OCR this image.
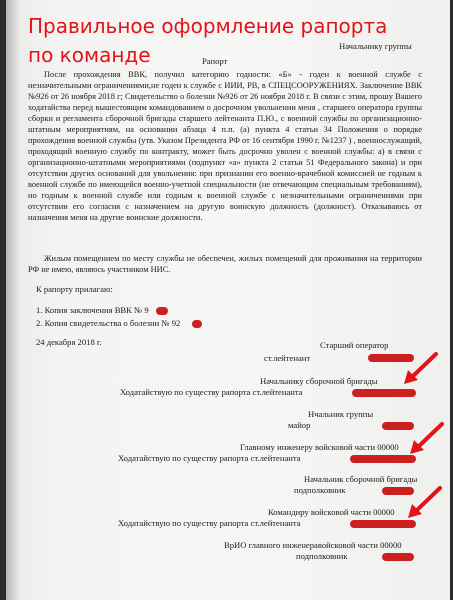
Правильное оформление рапорта
по команде	Начальнику группы
Рапорт
После прохождения ВВК, получил категорию годности: «Б» - годен к военной службе с незначительными ограничениями,не годен к службе с ИИИ, РВ, в СПЕЦСООРУЖЕНИЯХ. Заключение ВВК №926 от 26 ноября 2018 г; Свидетельство о болезни №926 от 26 ноября 2018 г. В связи с этим, прошу Вашего ходатайства перед вышестоящим командованием о досрочном увольнении меня , старшего оператора группы сборки и регламента сборочной бригады старшего лейтенанта П.Ю., с военной службы по организационно-штатным мероприятиям, на основании абзаца 4 п.п. (а) пункта 4 статьи 34 Положения о порядке прохождения военной службы (утв. Указом Президента РФ от 16 сентября 1990 г. №1237 ) , военнослужащий, проходящий военную службу по контракту, может быть досрочно уволен с военной службы: а) в связи с организационно-штатными мероприятиями (подпункт «а» пункта 2 статьи 51 Федерального закона) и при отсутствии других оснований для увольнения: при признании его военно-врачебной комиссией не годным к военной службе по имеющейся военно-учетной специальности (не отвечающим специальным требованиям), но годным к военной службе или годным к военной службе с незначительными ограничениями при отсутствии его согласия с назначением на другую воинскую должность (должност). Отказываюсь от назначения меня на другие воинские должности.
Жилым помещением по месту службы не обеспечен, жилых помещений для проживания на территории РФ не имею, являюсь участником НИС.
К рапорту прилагаю:
1. Копия заключения ВВК № 9
2. Копия свидетельства о болезни № 92
24 декабря 2018 г.	Старший оператор
ст.лейтенант
Начальнику сборочной бригады
Ходатайствую по существу рапорта ст.лейтенанта
Нчальник группы
майор
Главному инженеру войсковой части 00000
Ходатайствую по существу рапорта ст.лейтенанта
Начальник сборочной бригады
подполковник
Командиру войсковой части 00000
Ходатайствую по существу рапорта ст.лейтенанта
ВрИО главного инженеравойсковой части 00000
подполковник
